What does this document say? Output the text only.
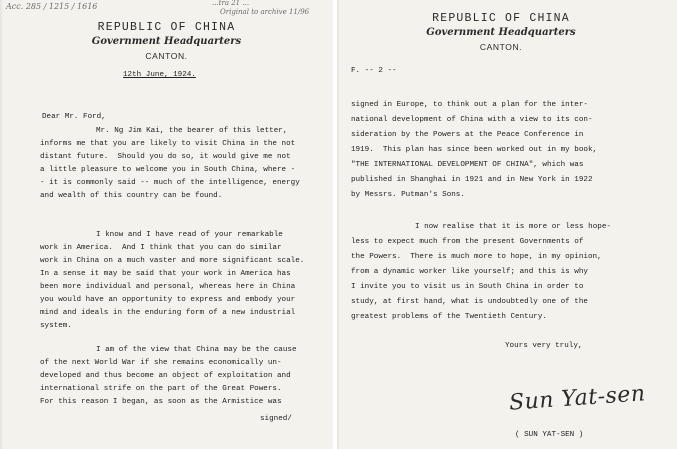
Acc. 285 / 1215 / 1616	...tra 21 ...
Original to archive 11/96
REPUBLIC OF CHINA
Government Headquarters
CANTON.
12th June, 1924.
Dear Mr. Ford,
Mr. Ng Jim Kai, the bearer of this letter,
informs me that you are likely to visit China in the not
distant future.  Should you do so, it would give me not
a little pleasure to welcome you in South China, where -
- it is commonly said -- much of the intelligence, energy
and wealth of this country can be found.
I know and I have read of your remarkable
work in America.  And I think that you can do similar
work in China on a much vaster and more significant scale.
In a sense it may be said that your work in America has
been more individual and personal, whereas here in China
you would have an opportunity to express and embody your
mind and ideals in the enduring form of a new industrial
system.
I am of the view that China may be the cause
of the next World War if she remains economically un-
developed and thus become an object of exploitation and
international strife on the part of the Great Powers.
For this reason I began, as soon as the Armistice was
signed/
REPUBLIC OF CHINA
Government Headquarters
CANTON.
F. -- 2 --
signed in Europe, to think out a plan for the inter-
national development of China with a view to its con-
sideration by the Powers at the Peace Conference in
1919.  This plan has since been worked out in my book,
"THE INTERNATIONAL DEVELOPMENT OF CHINA", which was
published in Shanghai in 1921 and in New York in 1922
by Messrs. Putman's Sons.
I now realise that it is more or less hope-
less to expect much from the present Governments of
the Powers.  There is much more to hope, in my opinion,
from a dynamic worker like yourself; and this is why
I invite you to visit us in South China in order to
study, at first hand, what is undoubtedly one of the
greatest problems of the Twentieth Century.
Yours very truly,
Sun Yat-sen
( SUN YAT-SEN )
